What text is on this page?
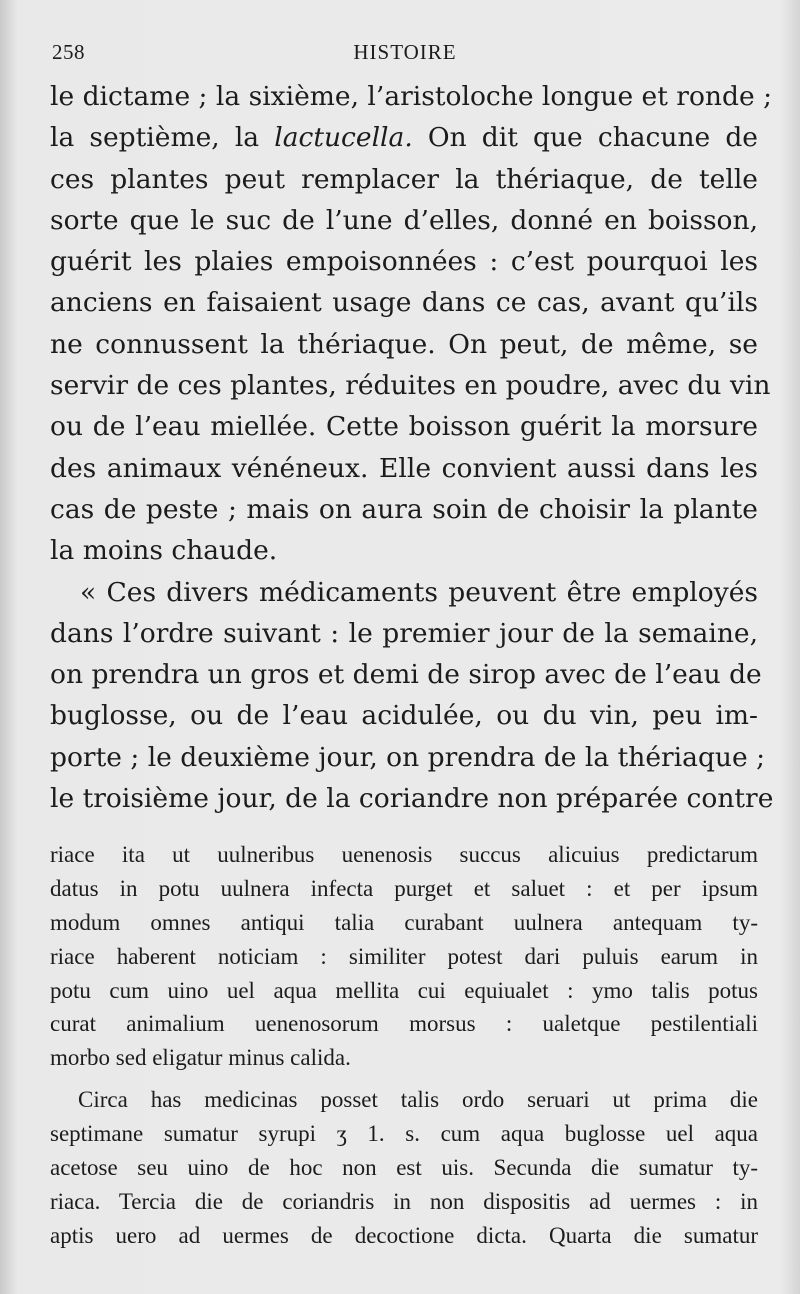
258	HISTOIRE
le dictame ; la sixième, l’aristoloche longue et ronde ;
la septième, la lactucella. On dit que chacune de
ces plantes peut remplacer la thériaque, de telle
sorte que le suc de l’une d’elles, donné en boisson,
guérit les plaies empoisonnées : c’est pourquoi les
anciens en faisaient usage dans ce cas, avant qu’ils
ne connussent la thériaque. On peut, de même, se
servir de ces plantes, réduites en poudre, avec du vin
ou de l’eau miellée. Cette boisson guérit la morsure
des animaux vénéneux. Elle convient aussi dans les
cas de peste ; mais on aura soin de choisir la plante
la moins chaude.
« Ces divers médicaments peuvent être employés
dans l’ordre suivant : le premier jour de la semaine,
on prendra un gros et demi de sirop avec de l’eau de
buglosse, ou de l’eau acidulée, ou du vin, peu im-
porte ; le deuxième jour, on prendra de la thériaque ;
le troisième jour, de la coriandre non préparée contre
riace ita ut uulneribus uenenosis succus alicuius predictarum
datus in potu uulnera infecta purget et saluet : et per ipsum
modum omnes antiqui talia curabant uulnera antequam ty-
riace haberent noticiam : similiter potest dari puluis earum in
potu cum uino uel aqua mellita cui equiualet : ymo talis potus
curat animalium uenenosorum morsus : ualetque pestilentiali
morbo sed eligatur minus calida.
Circa has medicinas posset talis ordo seruari ut prima die
septimane sumatur syrupi ʒ 1. s. cum aqua buglosse uel aqua
acetose seu uino de hoc non est uis. Secunda die sumatur ty-
riaca. Tercia die de coriandris in non dispositis ad uermes : in
aptis uero ad uermes de decoctione dicta. Quarta die sumatur
